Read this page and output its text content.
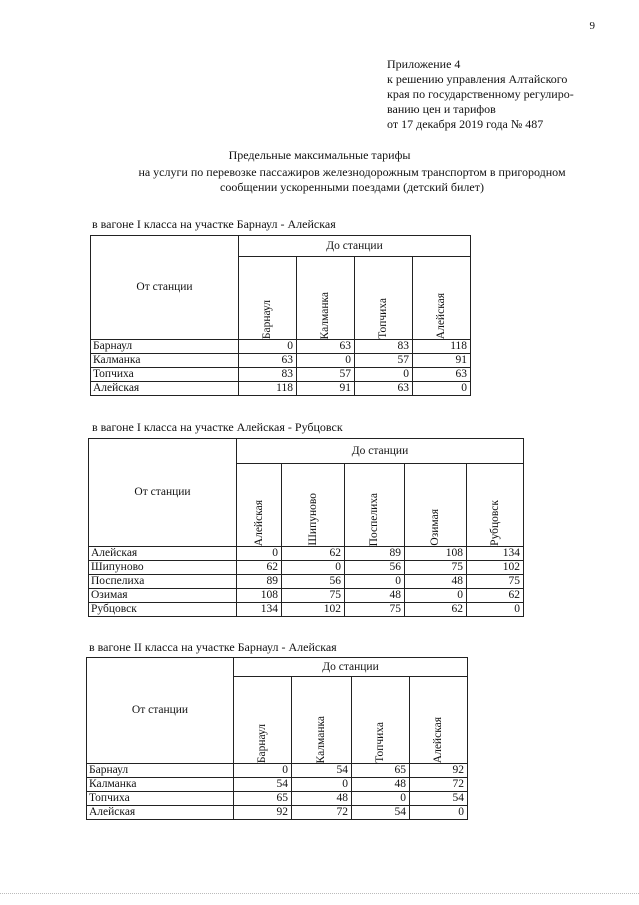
9
Приложение 4
к решению управления Алтайского
края по государственному регулиро-
ванию цен и тарифов
от 17 декабря 2019 года № 487
Предельные максимальные тарифы
на услуги по перевозке пассажиров железнодорожным транспортом в пригородном сообщении ускоренными поездами (детский билет)
в вагоне I класса на участке Барнаул - Алейская
От станции	До станции			

	Барнаул	Калманка	Топчиха	Алейская

Барнаул	0	63	83	118
Калманка	63	0	57	91
Топчиха	83	57	0	63
Алейская	118	91	63	0
в вагоне I класса на участке Алейская - Рубцовск
От станции	До станции				

	Алейская	Шипуново	Поспелиха	Озимая	Рубцовск

Алейская	0	62	89	108	134
Шипуново	62	0	56	75	102
Поспелиха	89	56	0	48	75
Озимая	108	75	48	0	62
Рубцовск	134	102	75	62	0
в вагоне II класса на участке Барнаул - Алейская
От станции	До станции			

	Барнаул	Калманка	Топчиха	Алейская

Барнаул	0	54	65	92
Калманка	54	0	48	72
Топчиха	65	48	0	54
Алейская	92	72	54	0
